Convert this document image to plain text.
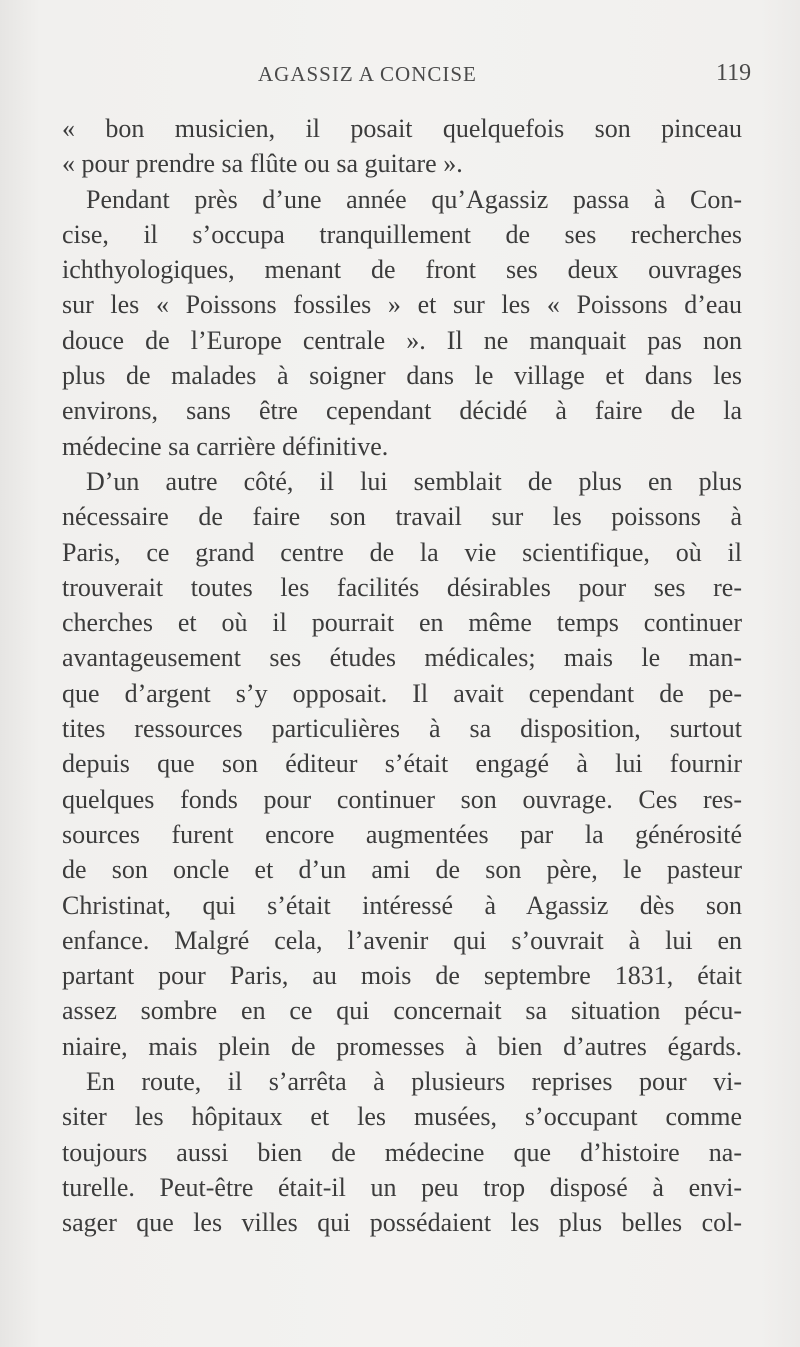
AGASSIZ A CONCISE	119
« bon musicien, il posait quelquefois son pinceau
« pour prendre sa flûte ou sa guitare ».
Pendant près d’une année qu’Agassiz passa à Con-
cise, il s’occupa tranquillement de ses recherches
ichthyologiques, menant de front ses deux ouvrages
sur les « Poissons fossiles » et sur les « Poissons d’eau
douce de l’Europe centrale ». Il ne manquait pas non
plus de malades à soigner dans le village et dans les
environs, sans être cependant décidé à faire de la
médecine sa carrière définitive.
D’un autre côté, il lui semblait de plus en plus
nécessaire de faire son travail sur les poissons à
Paris, ce grand centre de la vie scientifique, où il
trouverait toutes les facilités désirables pour ses re-
cherches et où il pourrait en même temps continuer
avantageusement ses études médicales; mais le man-
que d’argent s’y opposait. Il avait cependant de pe-
tites ressources particulières à sa disposition, surtout
depuis que son éditeur s’était engagé à lui fournir
quelques fonds pour continuer son ouvrage. Ces res-
sources furent encore augmentées par la générosité
de son oncle et d’un ami de son père, le pasteur
Christinat, qui s’était intéressé à Agassiz dès son
enfance. Malgré cela, l’avenir qui s’ouvrait à lui en
partant pour Paris, au mois de septembre 1831, était
assez sombre en ce qui concernait sa situation pécu-
niaire, mais plein de promesses à bien d’autres égards.
En route, il s’arrêta à plusieurs reprises pour vi-
siter les hôpitaux et les musées, s’occupant comme
toujours aussi bien de médecine que d’histoire na-
turelle. Peut-être était-il un peu trop disposé à envi-
sager que les villes qui possédaient les plus belles col-
